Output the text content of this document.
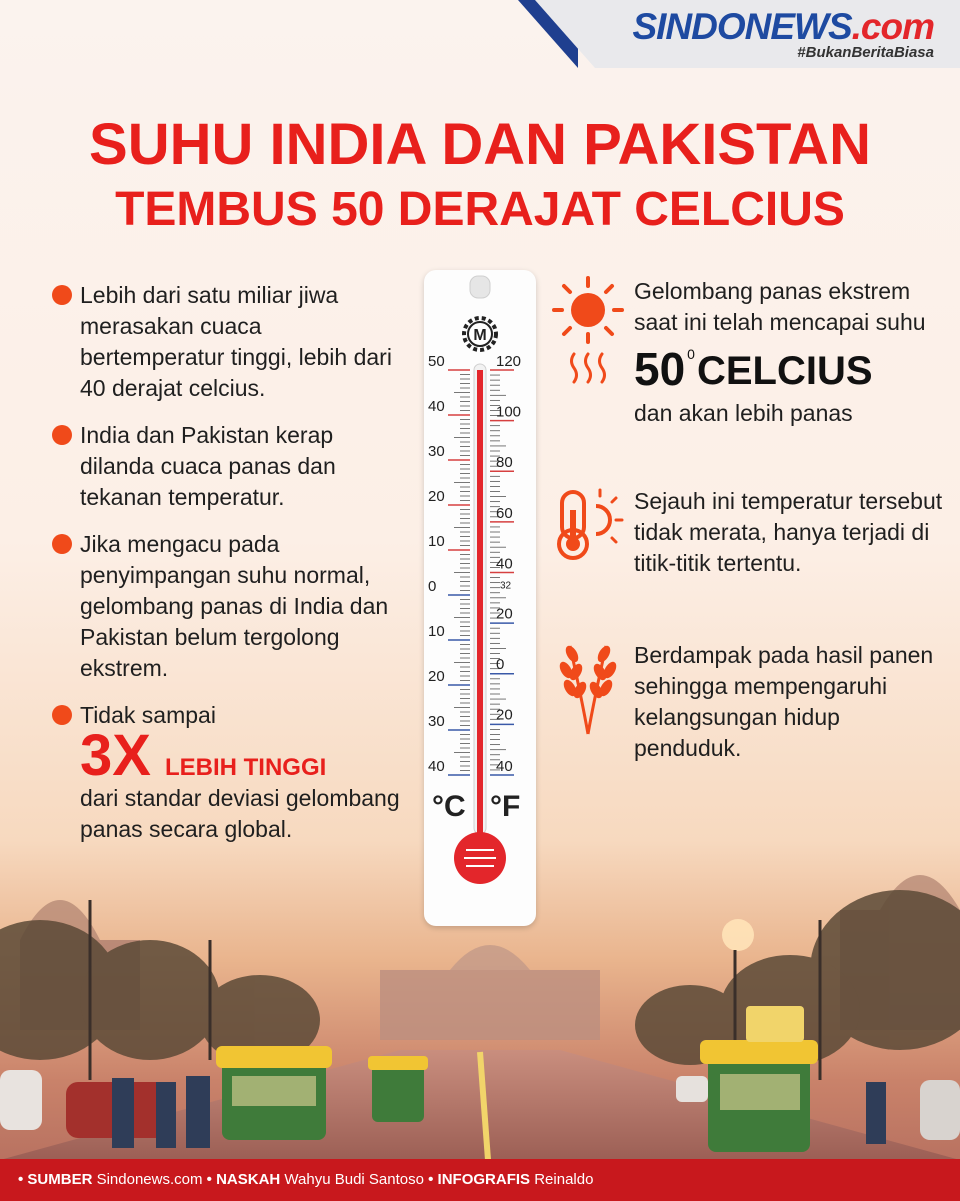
SINDONEWS.com
#BukanBeritaBiasa
SUHU INDIA DAN PAKISTAN
TEMBUS 50 DERAJAT CELCIUS

Lebih dari satu miliar jiwa merasakan cuaca bertemperatur tinggi, lebih dari 40 derajat celcius.

India dan Pakistan kerap dilanda cuaca panas dan tekanan temperatur.

Jika mengacu pada penyimpangan suhu normal, gelombang panas di India dan Pakistan belum tergolong ekstrem.

Tidak sampai

3X LEBIH TINGGI

dari standar deviasi gelombang panas secara global.

M
50
40
30
20
10
0
10
20
30
40
120
100
80
60
40
32
20
0
20
40
°C °F

Gelombang panas ekstrem saat ini telah mencapai suhu

50 0 CELCIUS

dan akan lebih panas

Sejauh ini temperatur tersebut tidak merata, hanya terjadi di titik-titik tertentu.

Berdampak pada hasil panen sehingga mempengaruhi kelangsungan hidup penduduk.

• SUMBER Sindonews.com • NASKAH Wahyu Budi Santoso • INFOGRAFIS Reinaldo
